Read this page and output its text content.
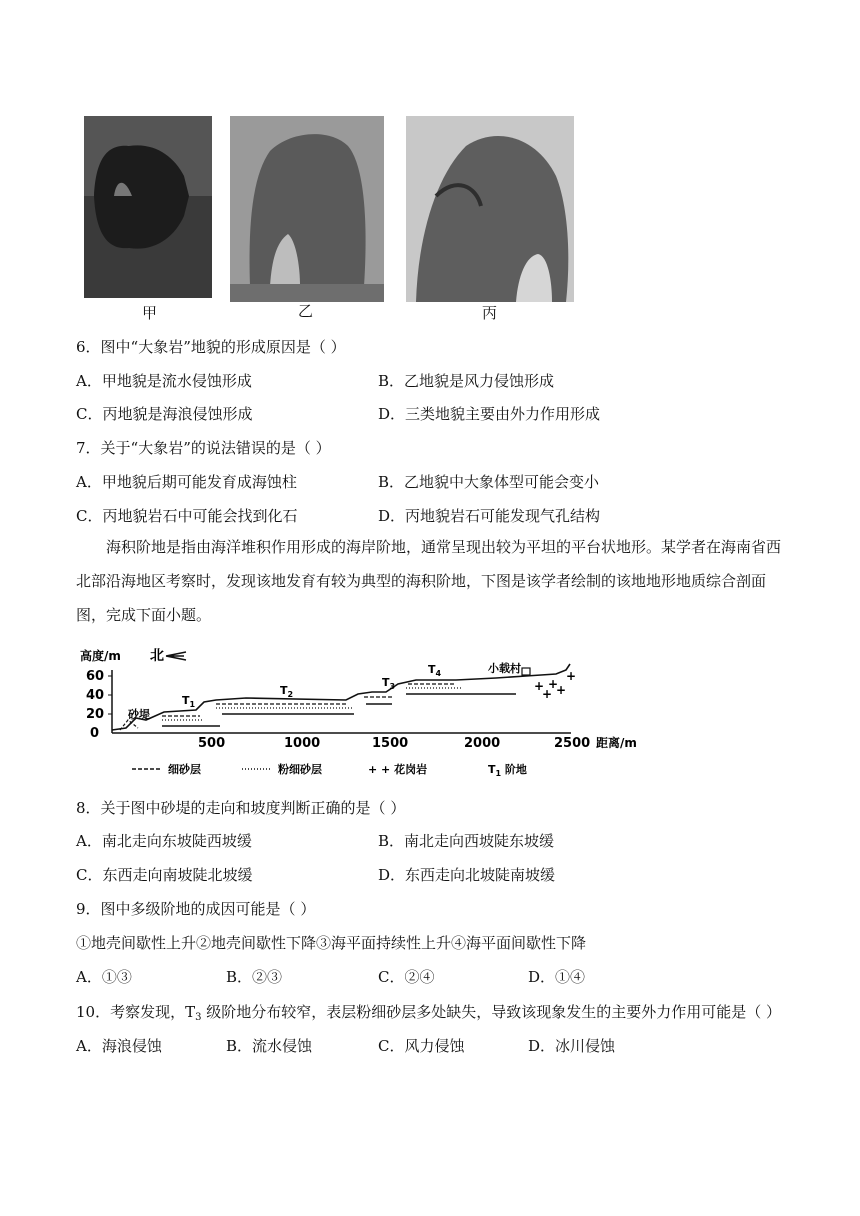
甲	乙	丙
6．图中“大象岩”地貌的形成原因是（ ）
A．甲地貌是流水侵蚀形成	B．乙地貌是风力侵蚀形成
C．丙地貌是海浪侵蚀形成	D．三类地貌主要由外力作用形成
7．关于“大象岩”的说法错误的是（ ）
A．甲地貌后期可能发育成海蚀柱	B．乙地貌中大象体型可能会变小
C．丙地貌岩石中可能会找到化石	D．丙地貌岩石可能发现气孔结构
海积阶地是指由海洋堆积作用形成的海岸阶地，通常呈现出较为平坦的平台状地形。某学者在海南省西北部沿海地区考察时，发现该地发育有较为典型的海积阶地，下图是该学者绘制的该地地形地质综合剖面图，完成下面小题。
高度/m 北
60
40
20
0
500	1000	1500	2000	2500 距离/m
砂堤
$T_1$
$T_2$
$T_3$
$T_4$	小载村
+ +
+
+ +
细砂层	粉细砂层	+ + 花岗岩	$T_1$ 阶地
8．关于图中砂堤的走向和坡度判断正确的是（ ）
A．南北走向东坡陡西坡缓	B．南北走向西坡陡东坡缓
C．东西走向南坡陡北坡缓	D．东西走向北坡陡南坡缓
9．图中多级阶地的成因可能是（ ）
①地壳间歇性上升②地壳间歇性下降③海平面持续性上升④海平面间歇性下降
A．①③	B．②③	C．②④	D．①④
10．考察发现，$T_3$ 级阶地分布较窄，表层粉细砂层多处缺失，导致该现象发生的主要外力作用可能是（ ）
A．海浪侵蚀	B．流水侵蚀	C．风力侵蚀	D．冰川侵蚀
